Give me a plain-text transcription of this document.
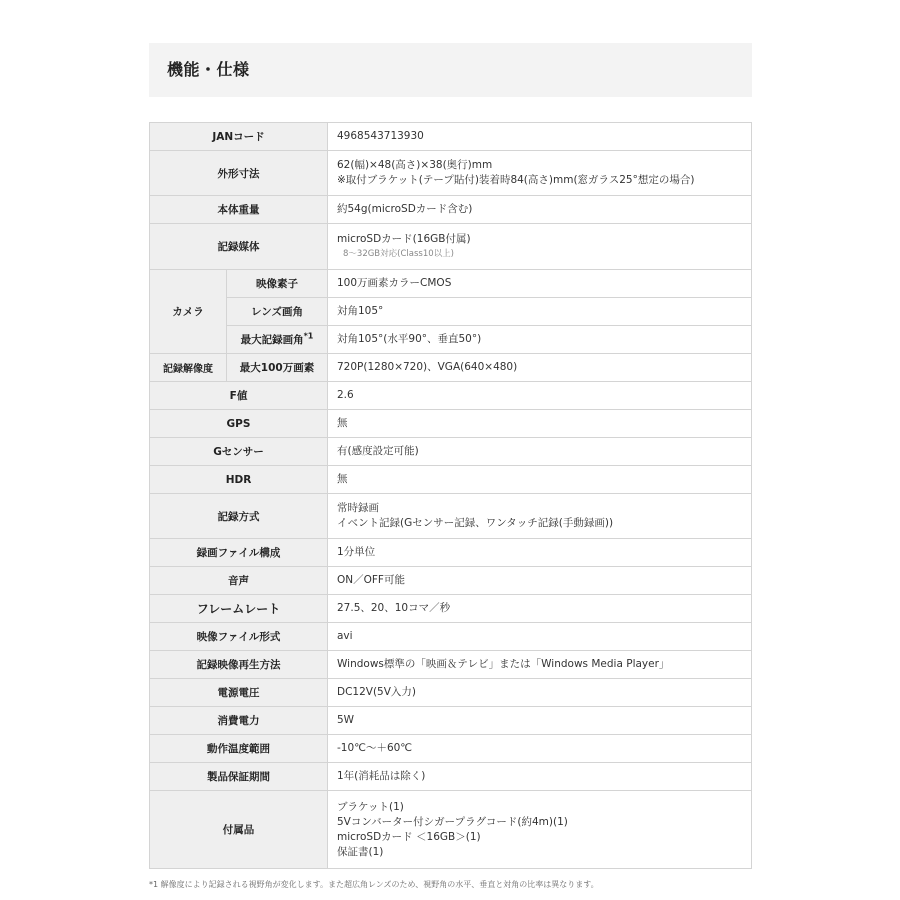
機能・仕様
JANコード		4968543713930
外形寸法		62(幅)×48(高さ)×38(奥行)mm
※取付ブラケット(テープ貼付)装着時84(高さ)mm(窓ガラス25°想定の場合)

本体重量		約54g(microSDカード含む)
記録媒体		microSDカード(16GB付属)
8～32GB対応(Class10以上)

カメラ	映像素子	100万画素カラーCMOS
	レンズ画角	対角105°
	最大記録画角$^{*1}$	対角105°(水平90°、垂直50°)
記録解像度	最大100万画素	720P(1280×720)、VGA(640×480)
F値		2.6
GPS		無
Gセンサー		有(感度設定可能)
HDR		無
記録方式		常時録画
イベント記録(Gセンサー記録、ワンタッチ記録(手動録画))

録画ファイル構成		1分単位
音声		ON／OFF可能
フレームレート		27.5、20、10コマ／秒
映像ファイル形式		avi
記録映像再生方法		Windows標準の「映画＆テレビ」または「Windows Media Player」
電源電圧		DC12V(5V入力)
消費電力		5W
動作温度範囲		-10℃～＋60℃
製品保証期間		1年(消耗品は除く)
付属品		ブラケット(1)
5Vコンバーター付シガープラグコード(約4m)(1)
microSDカード ＜16GB＞(1)
保証書(1)
*1 解像度により記録される視野角が変化します。また超広角レンズのため、視野角の水平、垂直と対角の比率は異なります。
